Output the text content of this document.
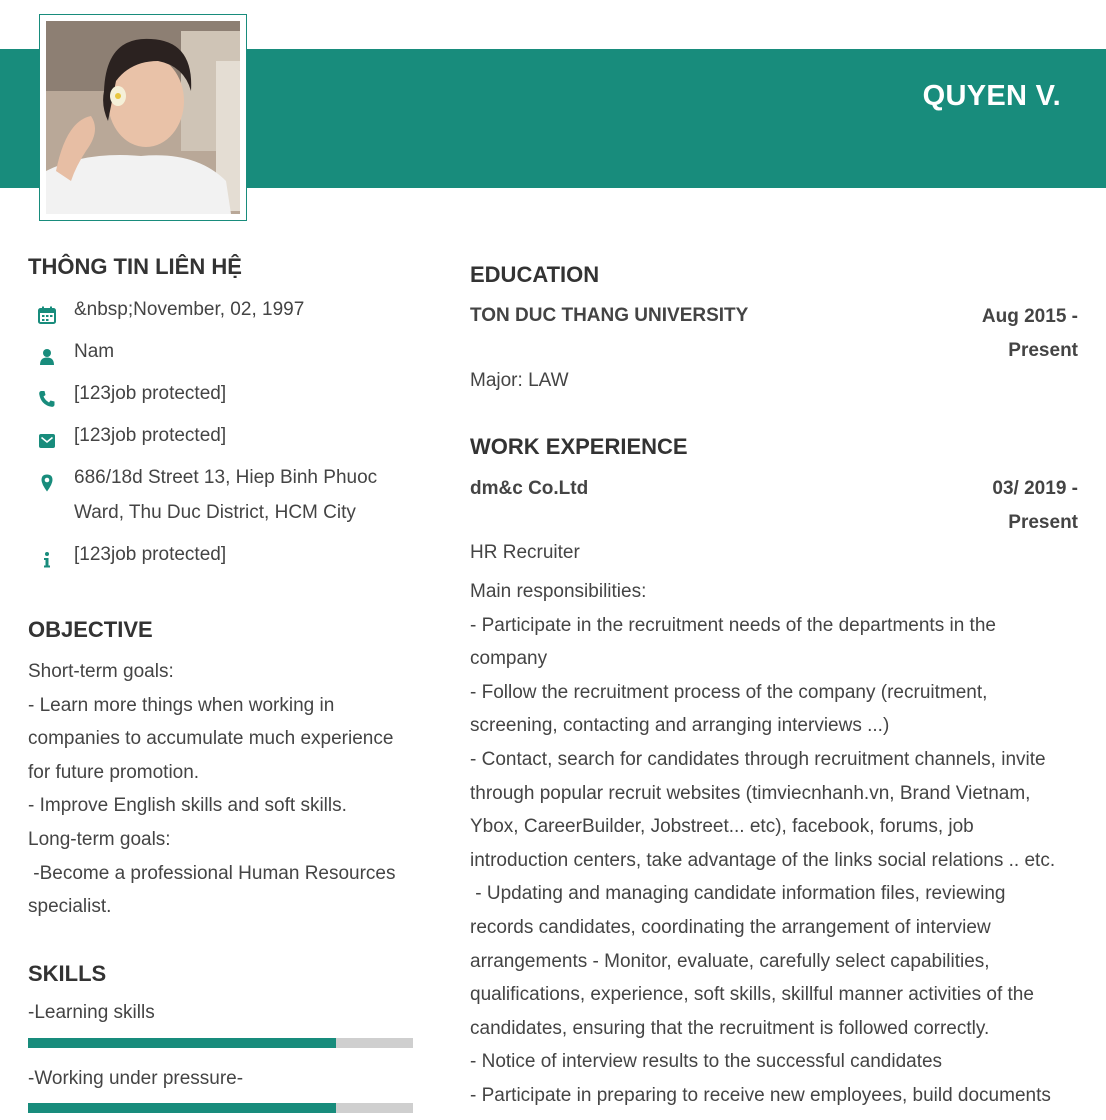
QUYEN V.
THÔNG TIN LIÊN HỆ
&nbsp;November, 02, 1997
Nam
[123job protected]
[123job protected]
686/18d Street 13, Hiep Binh Phuoc Ward, Thu Duc District, HCM City
[123job protected]
OBJECTIVE
Short-term goals:
- Learn more things when working in
companies to accumulate much experience
for future promotion.
- Improve English skills and soft skills.
Long-term goals:
-Become a professional Human Resources
specialist.
SKILLS
-Learning skills
-Working under pressure-
EDUCATION
TON DUC THANG UNIVERSITY	Aug 2015 -
Present
Major: LAW
WORK EXPERIENCE
dm&c Co.Ltd	03/ 2019 -
Present
HR Recruiter
Main responsibilities:
- Participate in the recruitment needs of the departments in the
company
- Follow the recruitment process of the company (recruitment,
screening, contacting and arranging interviews ...)
- Contact, search for candidates through recruitment channels, invite
through popular recruit websites (timviecnhanh.vn, Brand Vietnam,
Ybox, CareerBuilder, Jobstreet... etc), facebook, forums, job
introduction centers, take advantage of the links social relations .. etc.
- Updating and managing candidate information files, reviewing
records candidates, coordinating the arrangement of interview
arrangements - Monitor, evaluate, carefully select capabilities,
qualifications, experience, soft skills, skillful manner activities of the
candidates, ensuring that the recruitment is followed correctly.
- Notice of interview results to the successful candidates
- Participate in preparing to receive new employees, build documents
